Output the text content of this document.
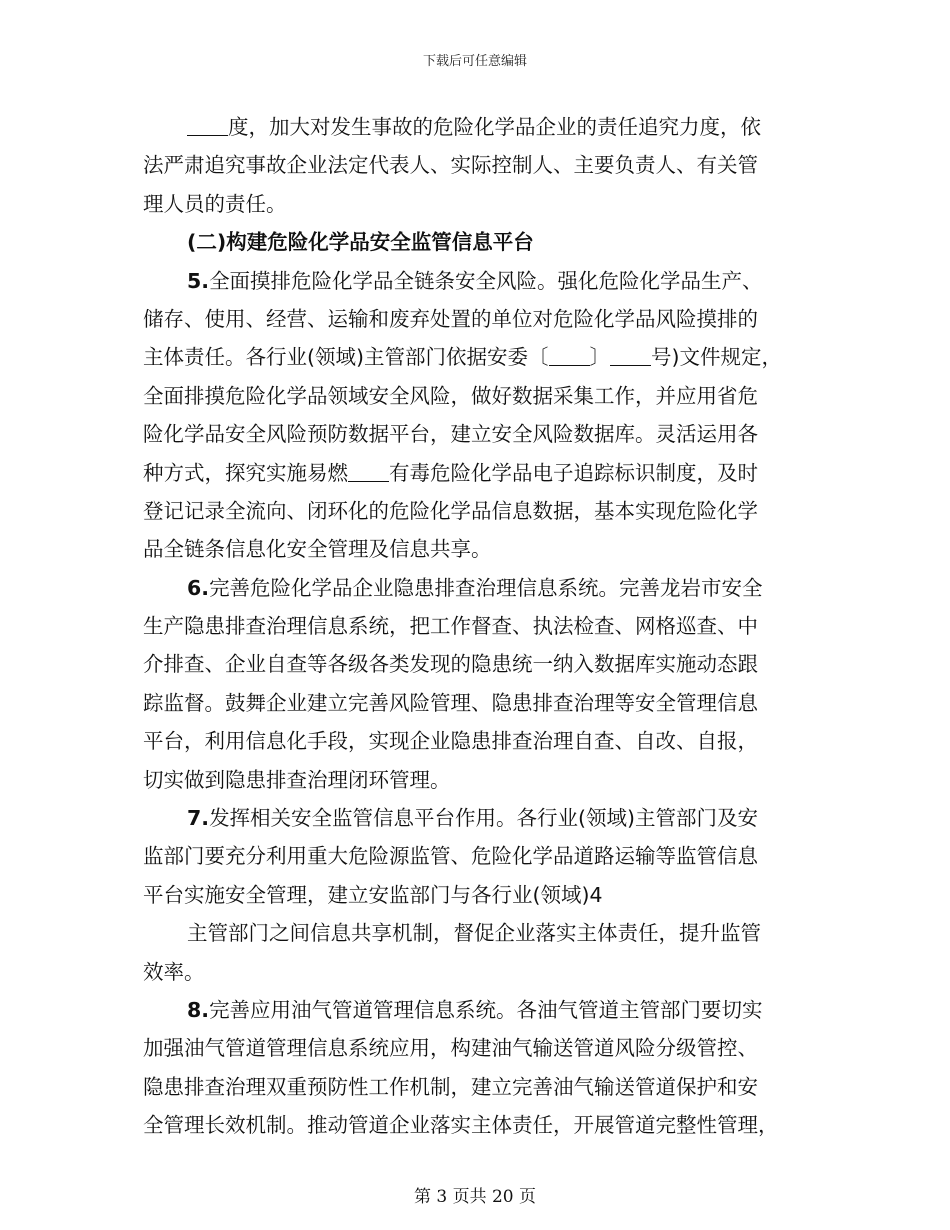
下载后可任意编辑
度，加大对发生事故的危险化学品企业的责任追究力度，依
法严肃追究事故企业法定代表人、实际控制人、主要负责人、有关管
理人员的责任。
(二)构建危险化学品安全监管信息平台
5.全面摸排危险化学品全链条安全风险。强化危险化学品生产、
储存、使用、经营、运输和废弃处置的单位对危险化学品风险摸排的
主体责任。各行业(领域)主管部门依据安委〔 〕 号)文件规定，
全面排摸危险化学品领域安全风险，做好数据采集工作，并应用省危
险化学品安全风险预防数据平台，建立安全风险数据库。灵活运用各
种方式，探究实施易燃 有毒危险化学品电子追踪标识制度，及时
登记记录全流向、闭环化的危险化学品信息数据，基本实现危险化学
品全链条信息化安全管理及信息共享。
6.完善危险化学品企业隐患排查治理信息系统。完善龙岩市安全
生产隐患排查治理信息系统，把工作督查、执法检查、网格巡查、中
介排查、企业自查等各级各类发现的隐患统一纳入数据库实施动态跟
踪监督。鼓舞企业建立完善风险管理、隐患排查治理等安全管理信息
平台，利用信息化手段，实现企业隐患排查治理自查、自改、自报，
切实做到隐患排查治理闭环管理。
7.发挥相关安全监管信息平台作用。各行业(领域)主管部门及安
监部门要充分利用重大危险源监管、危险化学品道路运输等监管信息
平台实施安全管理，建立安监部门与各行业(领域)4
主管部门之间信息共享机制，督促企业落实主体责任，提升监管
效率。
8.完善应用油气管道管理信息系统。各油气管道主管部门要切实
加强油气管道管理信息系统应用，构建油气输送管道风险分级管控、
隐患排查治理双重预防性工作机制，建立完善油气输送管道保护和安
全管理长效机制。推动管道企业落实主体责任，开展管道完整性管理，
第 3 页共 20 页
